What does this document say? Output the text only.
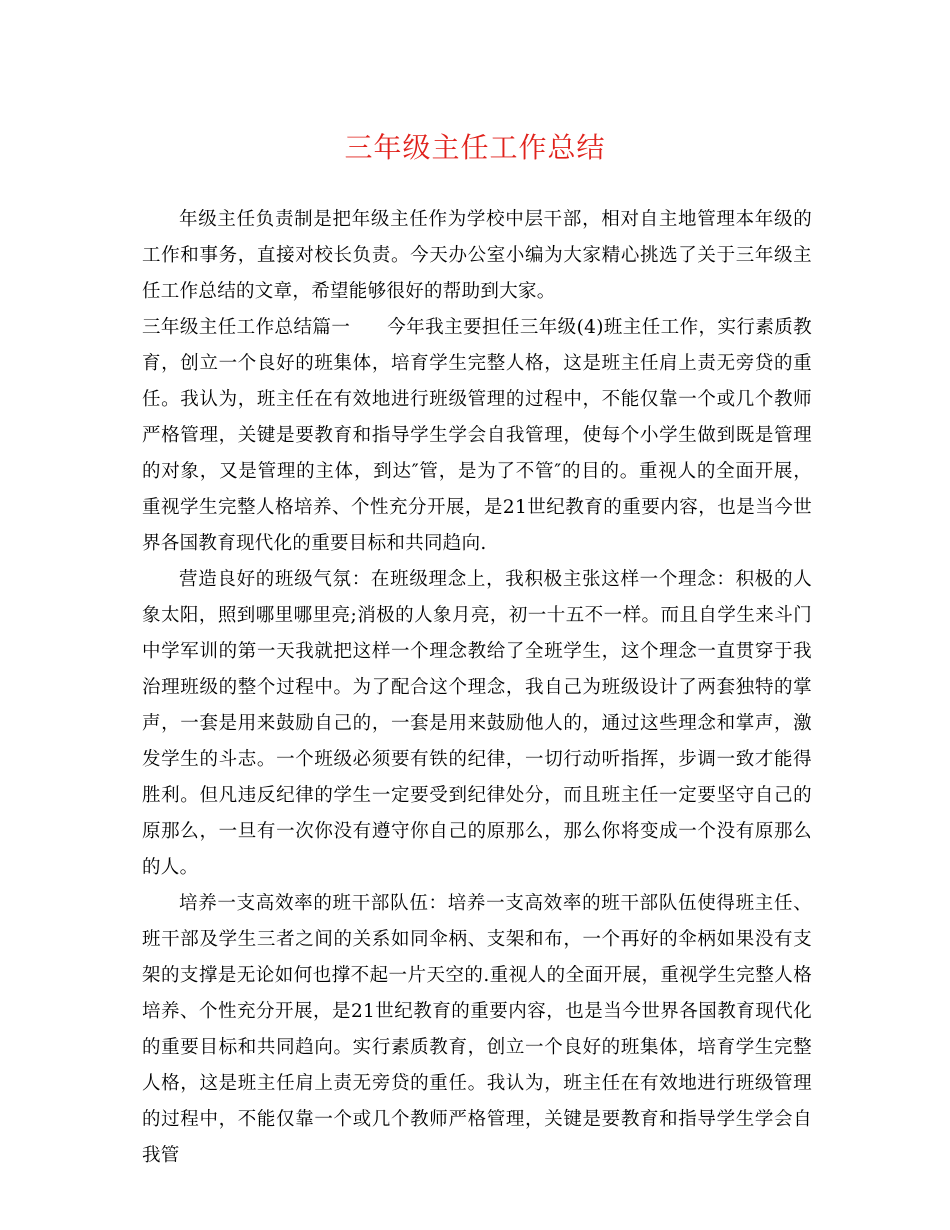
三年级主任工作总结

年级主任负责制是把年级主任作为学校中层干部，相对自主地管理本年级的工作和事务，直接对校长负责。今天办公室小编为大家精心挑选了关于三年级主任工作总结的文章，希望能够很好的帮助到大家。

三年级主任工作总结篇一 今年我主要担任三年级(4)班主任工作，实行素质教育，创立一个良好的班集体，培育学生完整人格，这是班主任肩上责无旁贷的重任。我认为，班主任在有效地进行班级管理的过程中，不能仅靠一个或几个教师严格管理，关键是要教育和指导学生学会自我管理，使每个小学生做到既是管理的对象，又是管理的主体，到达″管，是为了不管″的目的。重视人的全面开展，重视学生完整人格培养、个性充分开展，是21世纪教育的重要内容，也是当今世界各国教育现代化的重要目标和共同趋向.

营造良好的班级气氛：在班级理念上，我积极主张这样一个理念：积极的人象太阳，照到哪里哪里亮;消极的人象月亮，初一十五不一样。而且自学生来斗门中学军训的第一天我就把这样一个理念教给了全班学生，这个理念一直贯穿于我治理班级的整个过程中。为了配合这个理念，我自己为班级设计了两套独特的掌声，一套是用来鼓励自己的，一套是用来鼓励他人的，通过这些理念和掌声，激发学生的斗志。一个班级必须要有铁的纪律，一切行动听指挥，步调一致才能得胜利。但凡违反纪律的学生一定要受到纪律处分，而且班主任一定要坚守自己的原那么，一旦有一次你没有遵守你自己的原那么，那么你将变成一个没有原那么的人。

培养一支高效率的班干部队伍：培养一支高效率的班干部队伍使得班主任、班干部及学生三者之间的关系如同伞柄、支架和布，一个再好的伞柄如果没有支架的支撑是无论如何也撑不起一片天空的.重视人的全面开展，重视学生完整人格培养、个性充分开展，是21世纪教育的重要内容，也是当今世界各国教育现代化的重要目标和共同趋向。实行素质教育，创立一个良好的班集体，培育学生完整人格，这是班主任肩上责无旁贷的重任。我认为，班主任在有效地进行班级管理的过程中，不能仅靠一个或几个教师严格管理，关键是要教育和指导学生学会自我管
